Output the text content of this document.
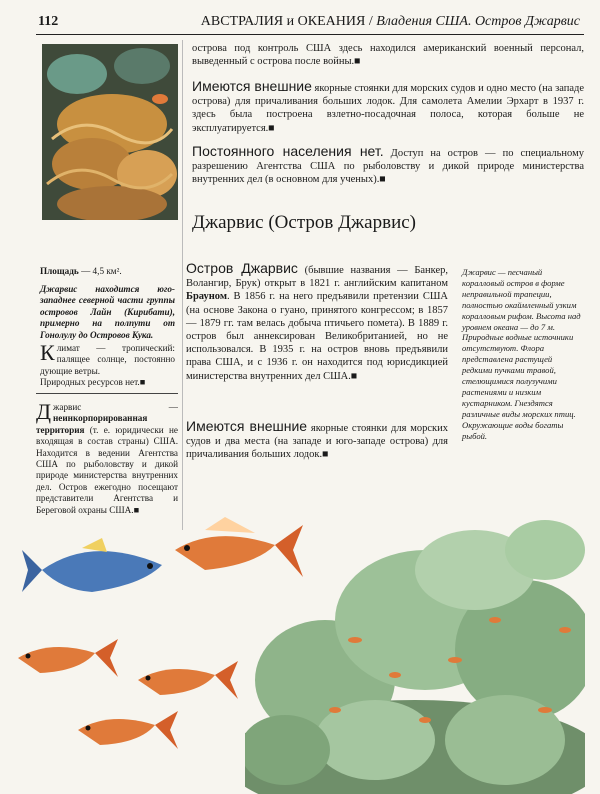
112	АВСТРАЛИЯ и ОКЕАНИЯ / Владения США. Остров Джарвис
острова под контроль США здесь находился американский военный персонал, выведенный с острова после войны.■
Имеются внешние якорные стоянки для морских судов и одно место (на западе острова) для причаливания больших лодок. Для самолета Амелии Эрхарт в 1937 г. здесь была построена взлетно-посадочная полоса, которая больше не эксплуатируется.■
Постоянного населения нет. Доступ на остров — по специальному разрешению Агентства США по рыболовству и дикой природе министерства внутренних дел (в основном для ученых).■
Джарвис (Остров Джарвис)
Площадь — 4,5 км².
Джарвис находится юго-западнее северной части группы островов Лайн (Кирибати), примерно на полпути от Гонолулу до Островов Кука.
Климат — тропический: палящее солнце, постоянно дующие ветры.
Природных ресурсов нет.■
Джарвис — неинкорпорированная территория (т. е. юридически не входящая в состав страны) США. Находится в ведении Агентства США по рыболовству и дикой природе министерства внутренних дел. Остров ежегодно посещают представители Агентства и Береговой охраны США.■
Остров Джарвис (бывшие названия — Банкер, Волангир, Брук) открыт в 1821 г. английским капитаном Брауном. В 1856 г. на него предъявили претензии США (на основе Закона о гуано, принятого конгрессом; в 1857 — 1879 гг. там велась добыча птичьего помета). В 1889 г. остров был аннексирован Великобританией, но не использовался. В 1935 г. на остров вновь предъявили права США, и с 1936 г. он находится под юрисдикцией министерства внутренних дел США.■
Имеются внешние якорные стоянки для морских судов и два места (на западе и юго-западе острова) для причаливания больших лодок.■
Джарвис — песчаный коралловый остров в форме неправильной трапеции, полностью окаймленный узким коралловым рифом. Высота над уровнем океана — до 7 м. Природные водные источники отсутствуют. Флора представлена растущей редкими пучками травой, стелющимися полузучими растениями и низким кустарником. Гнездятся различные виды морских птиц. Окружающие воды богаты рыбой.
